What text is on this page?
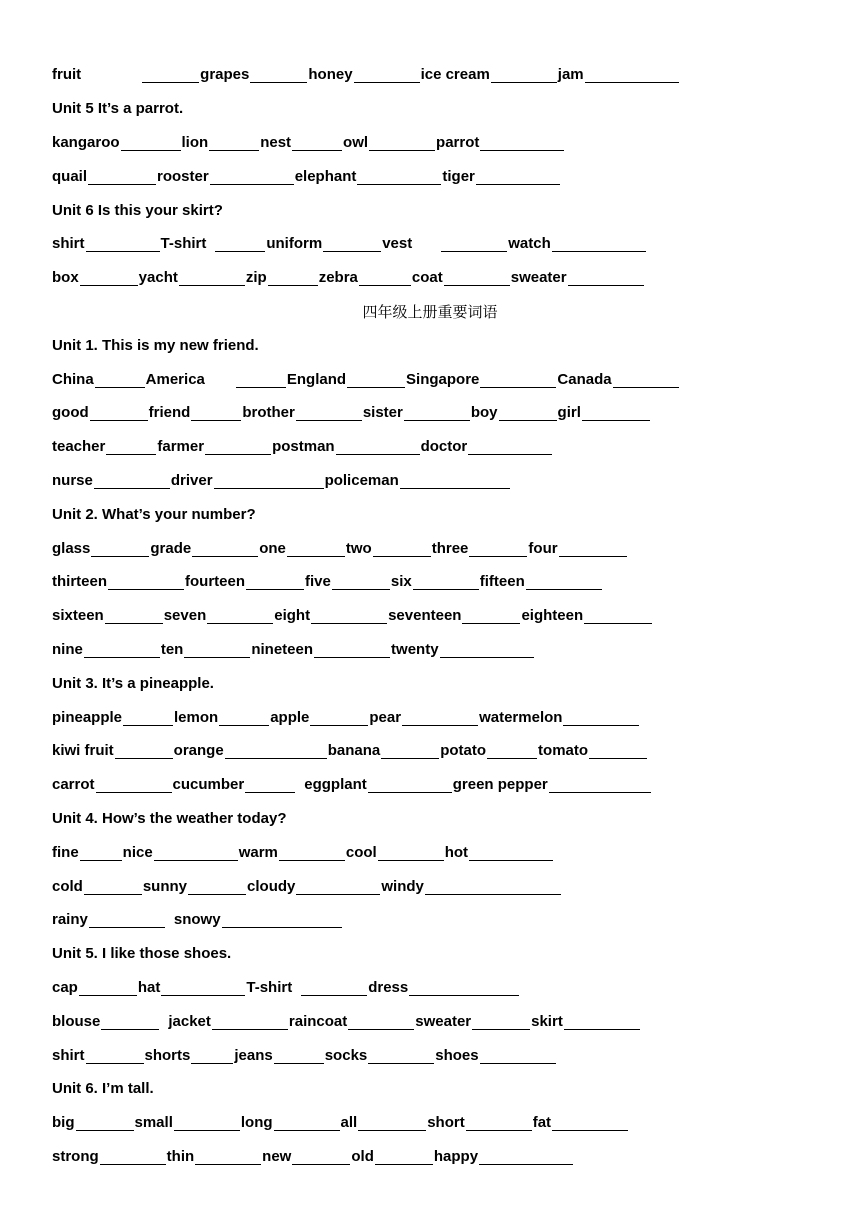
fruit	grapes	honey	ice cream	jam
Unit 5 It’s a parrot.
kangaroo	lion	nest	owl	parrot
quail	rooster	elephant	tiger
Unit 6 Is this your skirt?
shirt	T-shirt	uniform	vest	watch
box	yacht	zip	zebra	coat	sweater
四年级上册重要词语
Unit 1. This is my new friend.
China	America	England	Singapore	Canada
good	friend	brother	sister	boy	girl
teacher	farmer	postman	doctor
nurse	driver	policeman
Unit 2. What’s your number?
glass	grade	one	two	three	four
thirteen	fourteen	five	six	fifteen
sixteen	seven	eight	seventeen	eighteen
nine	ten	nineteen	twenty
Unit 3. It’s a pineapple.
pineapple	lemon	apple	pear	watermelon
kiwi fruit	orange	banana	potato	tomato
carrot	cucumber	eggplant	green pepper
Unit 4. How’s the weather today?
fine	nice	warm	cool	hot
cold	sunny	cloudy	windy
rainy	snowy
Unit 5. I like those shoes.
cap	hat	T-shirt	dress
blouse	jacket	raincoat	sweater	skirt
shirt	shorts	jeans	socks	shoes
Unit 6. I’m tall.
big	small	long	all	short	fat
strong	thin	new	old	happy
